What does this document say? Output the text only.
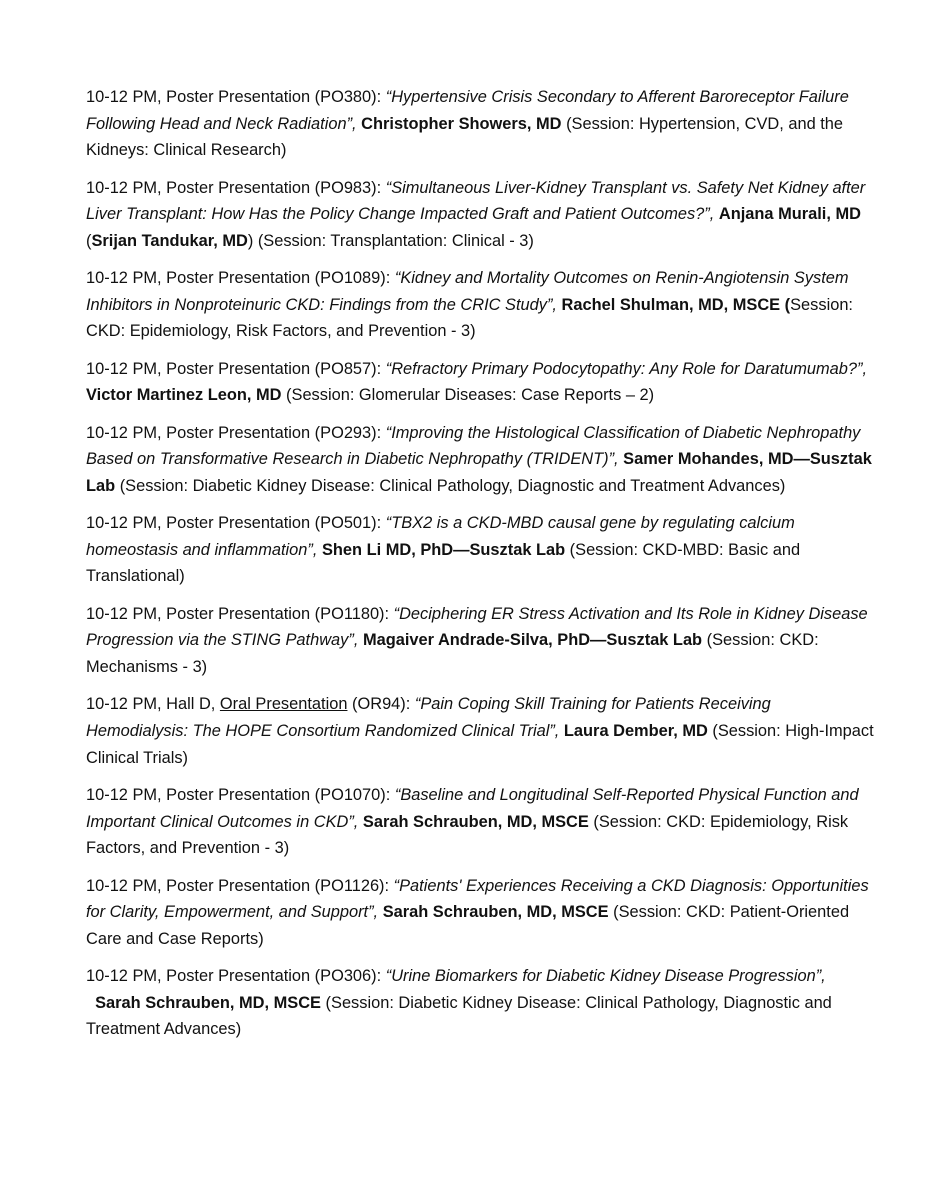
10-12 PM, Poster Presentation (PO380): “Hypertensive Crisis Secondary to Afferent Baroreceptor Failure Following Head and Neck Radiation”, Christopher Showers, MD (Session: Hypertension, CVD, and the Kidneys: Clinical Research)

10-12 PM, Poster Presentation (PO983): “Simultaneous Liver-Kidney Transplant vs. Safety Net Kidney after Liver Transplant: How Has the Policy Change Impacted Graft and Patient Outcomes?”, Anjana Murali, MD (Srijan Tandukar, MD) (Session: Transplantation: Clinical - 3)

10-12 PM, Poster Presentation (PO1089): “Kidney and Mortality Outcomes on Renin-Angiotensin System Inhibitors in Nonproteinuric CKD: Findings from the CRIC Study”, Rachel Shulman, MD, MSCE (Session: CKD: Epidemiology, Risk Factors, and Prevention - 3)

10-12 PM, Poster Presentation (PO857): “Refractory Primary Podocytopathy: Any Role for Daratumumab?”, Victor Martinez Leon, MD (Session: Glomerular Diseases: Case Reports – 2)

10-12 PM, Poster Presentation (PO293): “Improving the Histological Classification of Diabetic Nephropathy Based on Transformative Research in Diabetic Nephropathy (TRIDENT)”, Samer Mohandes, MD—Susztak Lab (Session: Diabetic Kidney Disease: Clinical Pathology, Diagnostic and Treatment Advances)

10-12 PM, Poster Presentation (PO501): “TBX2 is a CKD-MBD causal gene by regulating calcium homeostasis and inflammation”, Shen Li MD, PhD—Susztak Lab (Session: CKD-MBD: Basic and Translational)

10-12 PM, Poster Presentation (PO1180): “Deciphering ER Stress Activation and Its Role in Kidney Disease Progression via the STING Pathway”, Magaiver Andrade-Silva, PhD—Susztak Lab (Session: CKD: Mechanisms - 3)

10-12 PM, Hall D, Oral Presentation (OR94): “Pain Coping Skill Training for Patients Receiving Hemodialysis: The HOPE Consortium Randomized Clinical Trial”, Laura Dember, MD (Session: High-Impact Clinical Trials)

10-12 PM, Poster Presentation (PO1070): “Baseline and Longitudinal Self-Reported Physical Function and Important Clinical Outcomes in CKD”, Sarah Schrauben, MD, MSCE (Session: CKD: Epidemiology, Risk Factors, and Prevention - 3)

10-12 PM, Poster Presentation (PO1126): “Patients' Experiences Receiving a CKD Diagnosis: Opportunities for Clarity, Empowerment, and Support”, Sarah Schrauben, MD, MSCE (Session: CKD: Patient-Oriented Care and Case Reports)

10-12 PM, Poster Presentation (PO306): “Urine Biomarkers for Diabetic Kidney Disease Progression”,  Sarah Schrauben, MD, MSCE (Session: Diabetic Kidney Disease: Clinical Pathology, Diagnostic and Treatment Advances)
